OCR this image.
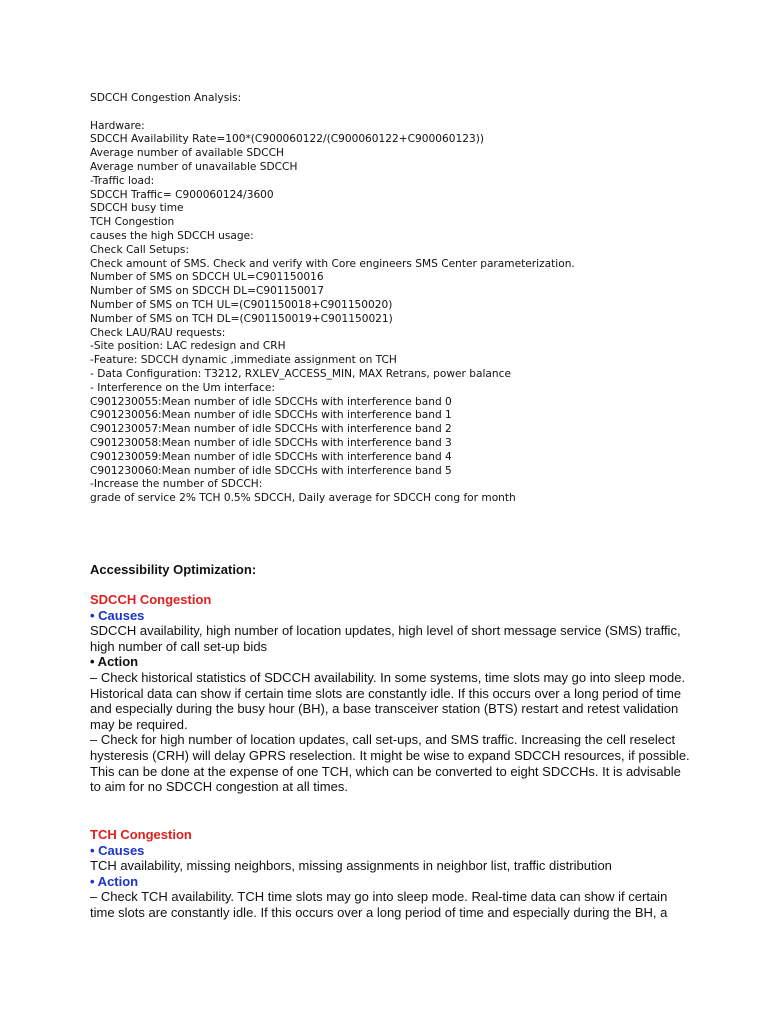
SDCCH Congestion Analysis:
Hardware:
SDCCH Availability Rate=100*(C900060122/(C900060122+C900060123))
Average number of available SDCCH
Average number of unavailable SDCCH
-Traffic load:
SDCCH Traffic= C900060124/3600
SDCCH busy time
TCH Congestion
causes the high SDCCH usage:
Check Call Setups:
Check amount of SMS. Check and verify with Core engineers SMS Center parameterization.
Number of SMS on SDCCH UL=C901150016
Number of SMS on SDCCH DL=C901150017
Number of SMS on TCH UL=(C901150018+C901150020)
Number of SMS on TCH DL=(C901150019+C901150021)
Check LAU/RAU requests:
-Site position: LAC redesign and CRH
-Feature: SDCCH dynamic ,immediate assignment on TCH
- Data Configuration: T3212, RXLEV_ACCESS_MIN, MAX Retrans, power balance
- Interference on the Um interface:
C901230055:Mean number of idle SDCCHs with interference band 0
C901230056:Mean number of idle SDCCHs with interference band 1
C901230057:Mean number of idle SDCCHs with interference band 2
C901230058:Mean number of idle SDCCHs with interference band 3
C901230059:Mean number of idle SDCCHs with interference band 4
C901230060:Mean number of idle SDCCHs with interference band 5
-Increase the number of SDCCH:
grade of service 2% TCH 0.5% SDCCH, Daily average for SDCCH cong for month
Accessibility Optimization:
SDCCH Congestion
• Causes
SDCCH availability, high number of location updates, high level of short message service (SMS) traffic, high number of call set-up bids
• Action
– Check historical statistics of SDCCH availability. In some systems, time slots may go into sleep mode. Historical data can show if certain time slots are constantly idle. If this occurs over a long period of time and especially during the busy hour (BH), a base transceiver station (BTS) restart and retest validation may be required.
– Check for high number of location updates, call set-ups, and SMS traffic. Increasing the cell reselect hysteresis (CRH) will delay GPRS reselection. It might be wise to expand SDCCH resources, if possible. This can be done at the expense of one TCH, which can be converted to eight SDCCHs. It is advisable to aim for no SDCCH congestion at all times.
TCH Congestion
• Causes
TCH availability, missing neighbors, missing assignments in neighbor list, traffic distribution
• Action
– Check TCH availability. TCH time slots may go into sleep mode. Real-time data can show if certain time slots are constantly idle. If this occurs over a long period of time and especially during the BH, a
